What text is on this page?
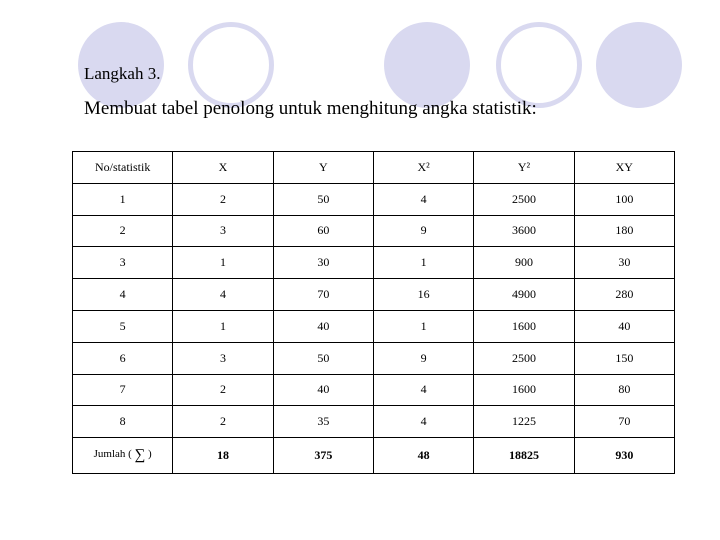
Langkah 3.
Membuat tabel penolong untuk menghitung angka statistik:
No/statistik	X	Y	X²	Y²	XY
1	2	50	4	2500	100
2	3	60	9	3600	180
3	1	30	1	900	30
4	4	70	16	4900	280
5	1	40	1	1600	40
6	3	50	9	2500	150
7	2	40	4	1600	80
8	2	35	4	1225	70
Jumlah ( ∑ )	18	375	48	18825	930
